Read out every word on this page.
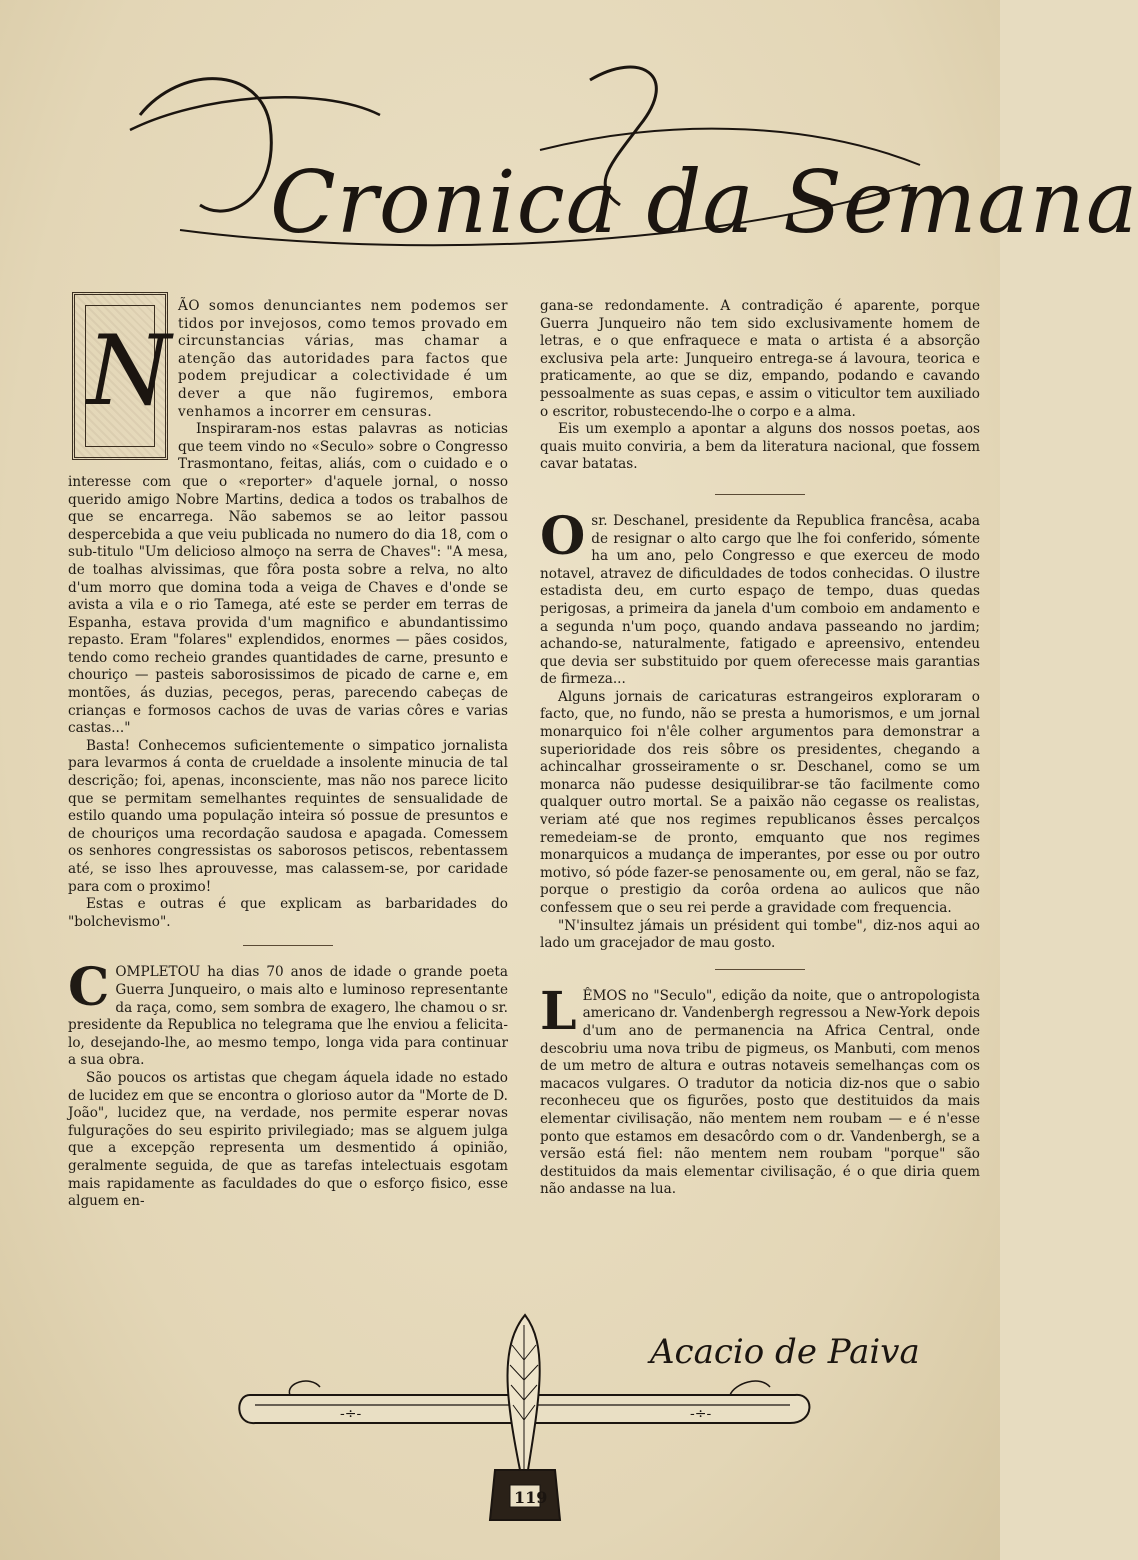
Cronica da Semana
N

ÃO somos denunciantes nem podemos ser tidos por invejosos, como temos provado em circunstancias várias, mas chamar a atenção das autoridades para factos que podem prejudicar a colectividade é um dever a que não fugiremos, embora venhamos a incorrer em censuras.

Inspiraram-nos estas palavras as noticias que teem vindo no «Seculo» sobre o Congresso Trasmontano, feitas, aliás, com o cuidado e o interesse com que o «reporter» d'aquele jornal, o nosso querido amigo Nobre Martins, dedica a todos os trabalhos de que se encarrega. Não sabemos se ao leitor passou despercebida a que veiu publicada no numero do dia 18, com o sub-titulo "Um delicioso almoço na serra de Chaves": "A mesa, de toalhas alvissimas, que fôra posta sobre a relva, no alto d'um morro que domina toda a veiga de Chaves e d'onde se avista a vila e o rio Tamega, até este se perder em terras de Espanha, estava provida d'um magnifico e abundantissimo repasto. Eram "folares" explendidos, enormes — pães cosidos, tendo como recheio grandes quantidades de carne, presunto e chouriço — pasteis saborosissimos de picado de carne e, em montões, ás duzias, pecegos, peras, parecendo cabeças de crianças e formosos cachos de uvas de varias côres e varias castas..."

Basta! Conhecemos suficientemente o simpatico jornalista para levarmos á conta de crueldade a insolente minucia de tal descrição; foi, apenas, inconsciente, mas não nos parece licito que se permitam semelhantes requintes de sensualidade de estilo quando uma população inteira só possue de presuntos e de chouriços uma recordação saudosa e apagada. Comessem os senhores congressistas os saborosos petiscos, rebentassem até, se isso lhes aprouvesse, mas calassem-se, por caridade para com o proximo!

Estas e outras é que explicam as barbaridades do "bolchevismo".

C OMPLETOU ha dias 70 anos de idade o grande poeta Guerra Junqueiro, o mais alto e luminoso representante da raça, como, sem sombra de exagero, lhe chamou o sr. presidente da Republica no telegrama que lhe enviou a felicita-lo, desejando-lhe, ao mesmo tempo, longa vida para continuar a sua obra.

São poucos os artistas que chegam áquela idade no estado de lucidez em que se encontra o glorioso autor da "Morte de D. João", lucidez que, na verdade, nos permite esperar novas fulgurações do seu espirito privilegiado; mas se alguem julga que a excepção representa um desmentido á opinião, geralmente seguida, de que as tarefas intelectuais esgotam mais rapidamente as faculdades do que o esforço fisico, esse alguem en-

gana-se redondamente. A contradição é aparente, porque Guerra Junqueiro não tem sido exclusivamente homem de letras, e o que enfraquece e mata o artista é a absorção exclusiva pela arte: Junqueiro entrega-se á lavoura, teorica e praticamente, ao que se diz, empando, podando e cavando pessoalmente as suas cepas, e assim o viticultor tem auxiliado o escritor, robustecendo-lhe o corpo e a alma.

Eis um exemplo a apontar a alguns dos nossos poetas, aos quais muito conviria, a bem da literatura nacional, que fossem cavar batatas.

O sr. Deschanel, presidente da Republica francêsa, acaba de resignar o alto cargo que lhe foi conferido, sómente ha um ano, pelo Congresso e que exerceu de modo notavel, atravez de dificuldades de todos conhecidas. O ilustre estadista deu, em curto espaço de tempo, duas quedas perigosas, a primeira da janela d'um comboio em andamento e a segunda n'um poço, quando andava passeando no jardim; achando-se, naturalmente, fatigado e apreensivo, entendeu que devia ser substituido por quem oferecesse mais garantias de firmeza...

Alguns jornais de caricaturas estrangeiros exploraram o facto, que, no fundo, não se presta a humorismos, e um jornal monarquico foi n'êle colher argumentos para demonstrar a superioridade dos reis sôbre os presidentes, chegando a achincalhar grosseiramente o sr. Deschanel, como se um monarca não pudesse desiquilibrar-se tão facilmente como qualquer outro mortal. Se a paixão não cegasse os realistas, veriam até que nos regimes republicanos êsses percalços remedeiam-se de pronto, emquanto que nos regimes monarquicos a mudança de imperantes, por esse ou por outro motivo, só póde fazer-se penosamente ou, em geral, não se faz, porque o prestigio da corôa ordena ao aulicos que não confessem que o seu rei perde a gravidade com frequencia.

"N'insultez jámais un président qui tombe", diz-nos aqui ao lado um gracejador de mau gosto.

L ÊMOS no "Seculo", edição da noite, que o antropologista americano dr. Vandenbergh regressou a New-York depois d'um ano de permanencia na Africa Central, onde descobriu uma nova tribu de pigmeus, os Manbuti, com menos de um metro de altura e outras notaveis semelhanças com os macacos vulgares. O tradutor da noticia diz-nos que o sabio reconheceu que os figurões, posto que destituidos da mais elementar civilisação, não mentem nem roubam — e é n'esse ponto que estamos em desacôrdo com o dr. Vandenbergh, se a versão está fiel: não mentem nem roubam "porque" são destituidos da mais elementar civilisação, é o que diria quem não andasse na lua.

-÷-	-÷-
119
Acacio de Paiva
